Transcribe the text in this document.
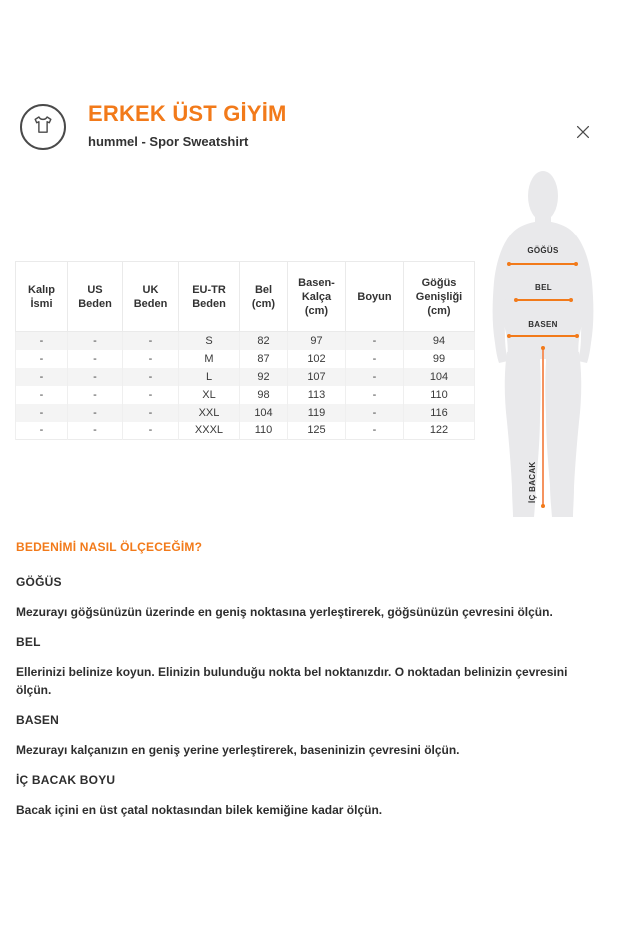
ERKEK ÜST GİYİM
hummel - Spor Sweatshirt
Kalıp İsmi	US Beden	UK Beden	EU-TR Beden	Bel (cm)	Basen- Kalça (cm)	Boyun	Göğüs Genişliği (cm)
-	-	-	S	82	97	-	94
-	-	-	M	87	102	-	99
-	-	-	L	92	107	-	104
-	-	-	XL	98	113	-	110
-	-	-	XXL	104	119	-	116
-	-	-	XXXL	110	125	-	122
GÖĞÜS
BEL
BASEN
İÇ BACAK
BEDENİMİ NASIL ÖLÇECEĞİM?
GÖĞÜS

Mezurayı göğsünüzün üzerinde en geniş noktasına yerleştirerek, göğsünüzün çevresini ölçün.

BEL

Ellerinizi belinize koyun. Elinizin bulunduğu nokta bel noktanızdır. O noktadan belinizin çevresini ölçün.

BASEN

Mezurayı kalçanızın en geniş yerine yerleştirerek, baseninizin çevresini ölçün.

İÇ BACAK BOYU

Bacak içini en üst çatal noktasından bilek kemiğine kadar ölçün.
